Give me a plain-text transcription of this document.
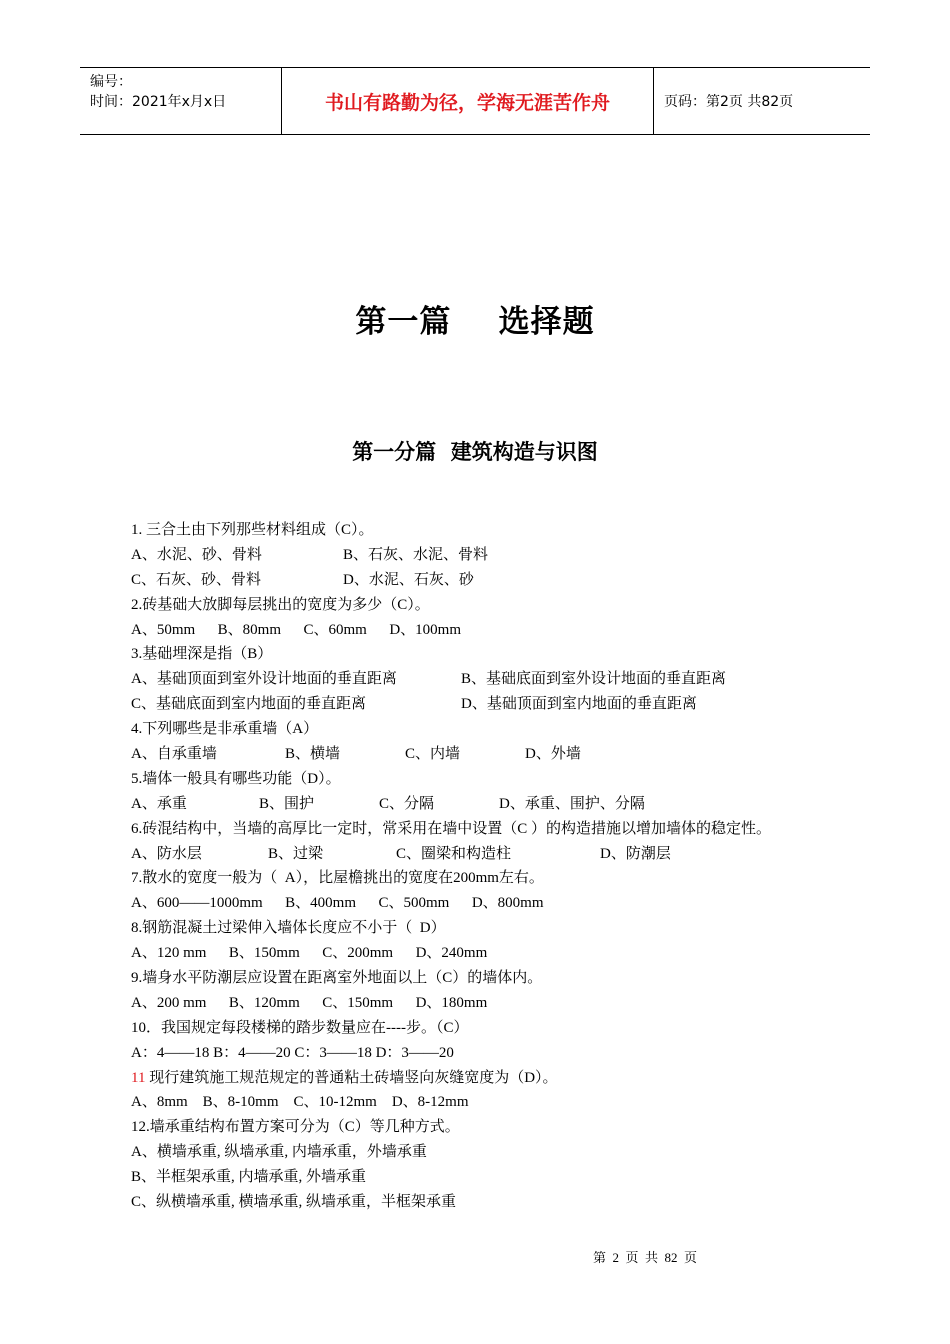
编号：
时间：2021年x月x日	书山有路勤为径，学海无涯苦作舟	页码：第2页 共82页
第一篇    选择题
第一分篇  建筑构造与识图
1. 三合土由下列那些材料组成（C）。
A、水泥、砂、骨料	B、石灰、水泥、骨料
C、石灰、砂、骨料	D、水泥、石灰、砂
2.砖基础大放脚每层挑出的宽度为多少（C）。
A、50mm      B、80mm      C、60mm      D、100mm
3.基础埋深是指（B）
A、基础顶面到室外设计地面的垂直距离	B、基础底面到室外设计地面的垂直距离
C、基础底面到室内地面的垂直距离	D、基础顶面到室内地面的垂直距离
4.下列哪些是非承重墙（A）
A、自承重墙	B、横墙	C、内墙	D、外墙
5.墙体一般具有哪些功能（D）。
A、承重	B、围护	C、分隔	D、承重、围护、分隔
6.砖混结构中，当墙的高厚比一定时，常采用在墙中设置（C ）的构造措施以增加墙体的稳定性。
A、防水层	B、过梁	C、圈梁和构造柱	D、防潮层
7.散水的宽度一般为（  A），比屋檐挑出的宽度在200mm左右。
A、600——1000mm      B、400mm      C、500mm      D、800mm
8.钢筋混凝土过梁伸入墙体长度应不小于（  D）
A、120 mm      B、150mm      C、200mm      D、240mm
9.墙身水平防潮层应设置在距离室外地面以上（C）的墙体内。
A、200 mm      B、120mm      C、150mm      D、180mm
10．我国规定每段楼梯的踏步数量应在----步。（C）
A：4——18 B：4——20 C：3——18 D：3——20
11 现行建筑施工规范规定的普通粘土砖墙竖向灰缝宽度为（D）。
A、8mm    B、8-10mm    C、10-12mm    D、8-12mm
12.墙承重结构布置方案可分为（C）等几种方式。
A、横墙承重, 纵墙承重, 内墙承重，外墙承重
B、半框架承重, 内墙承重, 外墙承重
C、纵横墙承重, 横墙承重, 纵墙承重，半框架承重
第  2  页  共  82  页
